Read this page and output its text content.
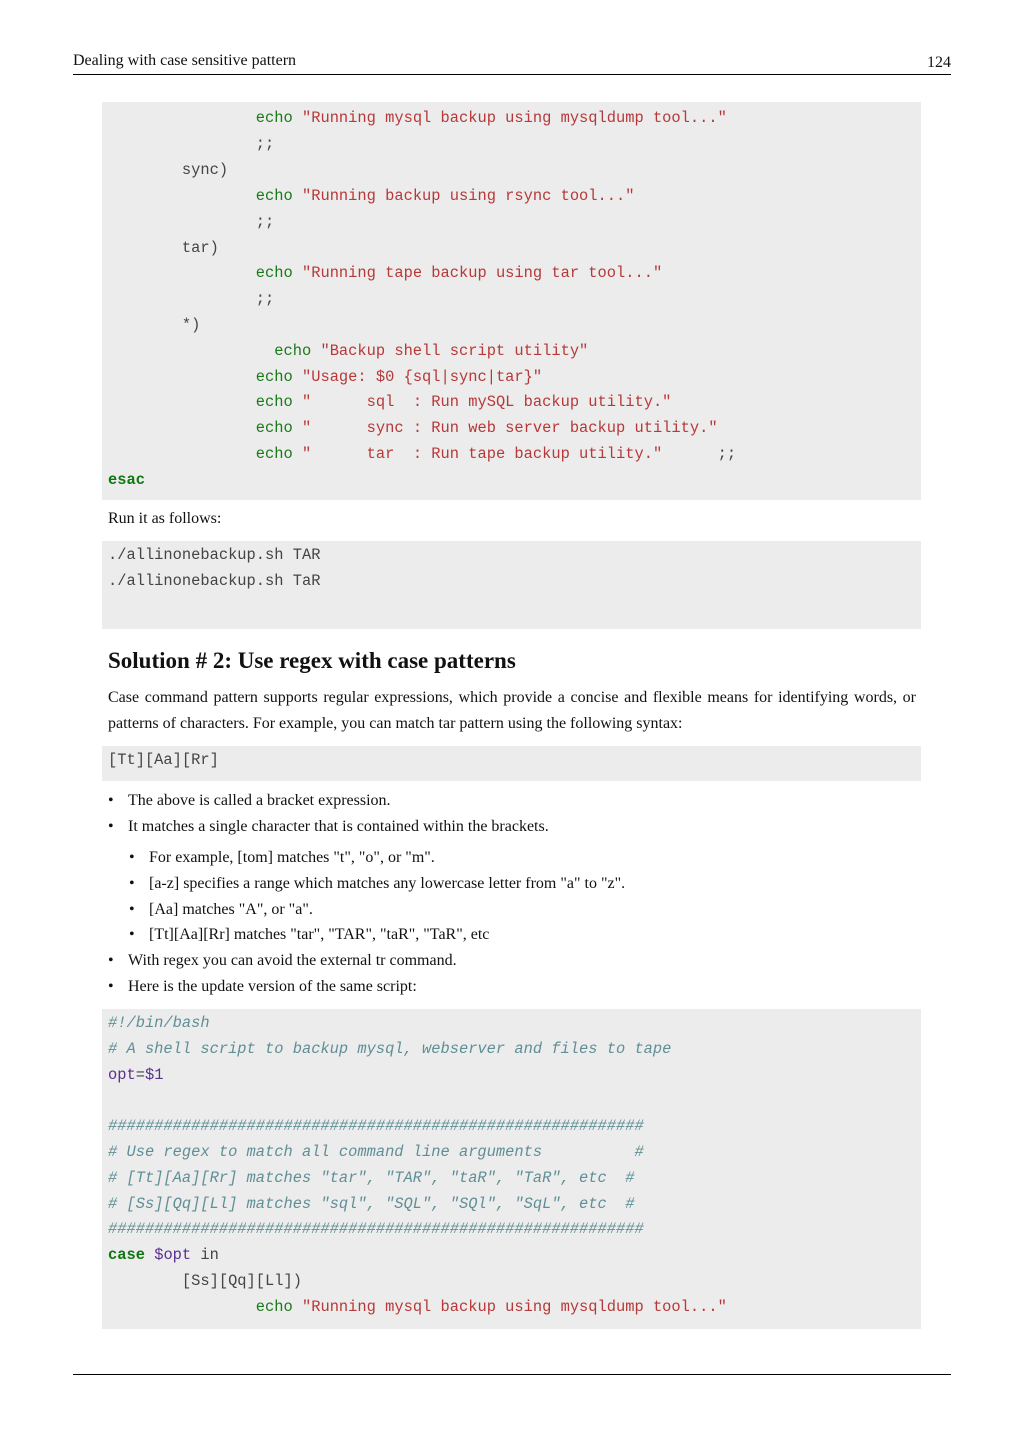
Dealing with case sensitive pattern	124
echo "Running mysql backup using mysqldump tool..."
;;
sync)
echo "Running backup using rsync tool..."
;;
tar)
echo "Running tape backup using tar tool..."
;;
*)
echo "Backup shell script utility"
echo "Usage: $0 {sql|sync|tar}"
echo "      sql  : Run mySQL backup utility."
echo "      sync : Run web server backup utility."
echo "      tar  : Run tape backup utility."      ;;
esac
Run it as follows:
./allinonebackup.sh TAR
./allinonebackup.sh TaR
Solution # 2: Use regex with case patterns
Case command pattern supports regular expressions, which provide a concise and flexible means for identifying words, or patterns of characters. For example, you can match tar pattern using the following syntax:
[Tt][Aa][Rr]
• The above is called a bracket expression.
• It matches a single character that is contained within the brackets.
• For example, [tom] matches "t", "o", or "m".
• [a-z] specifies a range which matches any lowercase letter from "a" to "z".
• [Aa] matches "A", or "a".
• [Tt][Aa][Rr] matches "tar", "TAR", "taR", "TaR", etc
• With regex you can avoid the external tr command.
• Here is the update version of the same script:
#!/bin/bash
# A shell script to backup mysql, webserver and files to tape
opt=$1
##########################################################
# Use regex to match all command line arguments          #
# [Tt][Aa][Rr] matches "tar", "TAR", "taR", "TaR", etc  #
# [Ss][Qq][Ll] matches "sql", "SQL", "SQl", "SqL", etc  #
##########################################################
case $opt in
[Ss][Qq][Ll])
echo "Running mysql backup using mysqldump tool..."
